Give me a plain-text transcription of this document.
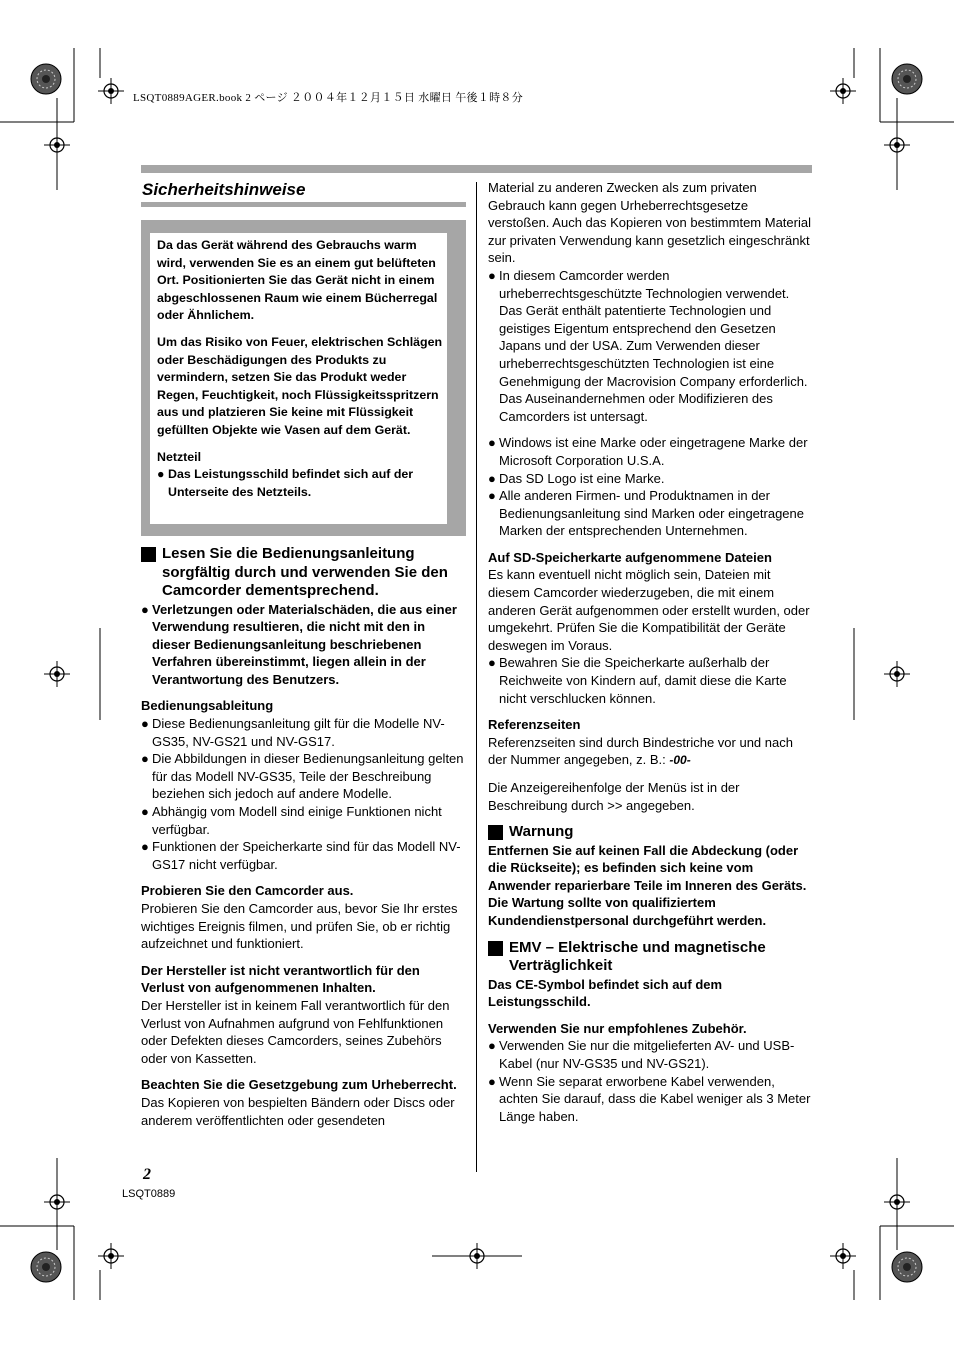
LSQT0889AGER.book 2 ページ ２００４年１２月１５日 水曜日 午後１時８分
Sicherheitshinweise

Da das Gerät während des Gebrauchs warm wird, verwenden Sie es an einem gut belüfteten Ort. Positionierten Sie das Gerät nicht in einem abgeschlossenen Raum wie einem Bücherregal oder Ähnlichem.

Um das Risiko von Feuer, elektrischen Schlägen oder Beschädigungen des Produkts zu vermindern, setzen Sie das Produkt weder Regen, Feuchtigkeit, noch Flüssigkeitsspritzern aus und platzieren Sie keine mit Flüssigkeit gefüllten Objekte wie Vasen auf dem Gerät.

Netzteil

● Das Leistungsschild befindet sich auf der Unterseite des Netzteils.
Lesen Sie die Bedienungsanleitung sorgfältig durch und verwenden Sie den Camcorder dementsprechend.
● Verletzungen oder Materialschäden, die aus einer Verwendung resultieren, die nicht mit den in dieser Bedienungsanleitung beschriebenen Verfahren übereinstimmt, liegen allein in der Verantwortung des Benutzers.

Bedienungsableitung

● Diese Bedienungsanleitung gilt für die Modelle NV-GS35, NV-GS21 und NV-GS17.
● Die Abbildungen in dieser Bedienungsanleitung gelten für das Modell NV-GS35, Teile der Beschreibung beziehen sich jedoch auf andere Modelle.
● Abhängig vom Modell sind einige Funktionen nicht verfügbar.
● Funktionen der Speicherkarte sind für das Modell NV-GS17 nicht verfügbar.

Probieren Sie den Camcorder aus.

Probieren Sie den Camcorder aus, bevor Sie Ihr erstes wichtiges Ereignis filmen, und prüfen Sie, ob er richtig aufzeichnet und funktioniert.

Der Hersteller ist nicht verantwortlich für den Verlust von aufgenommenen Inhalten.

Der Hersteller ist in keinem Fall verantwortlich für den Verlust von Aufnahmen aufgrund von Fehlfunktionen oder Defekten dieses Camcorders, seines Zubehörs oder von Kassetten.

Beachten Sie die Gesetzgebung zum Urheberrecht.

Das Kopieren von bespielten Bändern oder Discs oder anderem veröffentlichten oder gesendeten

Material zu anderen Zwecken als zum privaten Gebrauch kann gegen Urheberrechtsgesetze verstoßen. Auch das Kopieren von bestimmtem Material zur privaten Verwendung kann gesetzlich eingeschränkt sein.

● In diesem Camcorder werden urheberrechtsgeschützte Technologien verwendet. Das Gerät enthält patentierte Technologien und geistiges Eigentum entsprechend den Gesetzen Japans und der USA. Zum Verwenden dieser urheberrechtsgeschützten Technologien ist eine Genehmigung der Macrovision Company erforderlich. Das Auseinandernehmen oder Modifizieren des Camcorders ist untersagt.
● Windows ist eine Marke oder eingetragene Marke der Microsoft Corporation U.S.A.
● Das SD Logo ist eine Marke.
● Alle anderen Firmen- und Produktnamen in der Bedienungsanleitung sind Marken oder eingetragene Marken der entsprechenden Unternehmen.

Auf SD-Speicherkarte aufgenommene Dateien

Es kann eventuell nicht möglich sein, Dateien mit diesem Camcorder wiederzugeben, die mit einem anderen Gerät aufgenommen oder erstellt wurden, oder umgekehrt. Prüfen Sie die Kompatibilität der Geräte deswegen im Voraus.

● Bewahren Sie die Speicherkarte außerhalb der Reichweite von Kindern auf, damit diese die Karte nicht verschlucken können.

Referenzseiten

Referenzseiten sind durch Bindestriche vor und nach der Nummer angegeben, z. B.: -00-

Die Anzeigereihenfolge der Menüs ist in der Beschreibung durch >> angegeben.

Warnung

Entfernen Sie auf keinen Fall die Abdeckung (oder die Rückseite); es befinden sich keine vom Anwender reparierbare Teile im Inneren des Geräts.

Die Wartung sollte von qualifiziertem Kundendienstpersonal durchgeführt werden.

EMV – Elektrische und magnetische Verträglichkeit

Das CE-Symbol befindet sich auf dem Leistungsschild.

Verwenden Sie nur empfohlenes Zubehör.

● Verwenden Sie nur die mitgelieferten AV- und USB-Kabel (nur NV-GS35 und NV-GS21).
● Wenn Sie separat erworbene Kabel verwenden, achten Sie darauf, dass die Kabel weniger als 3 Meter Länge haben.
2
LSQT0889
